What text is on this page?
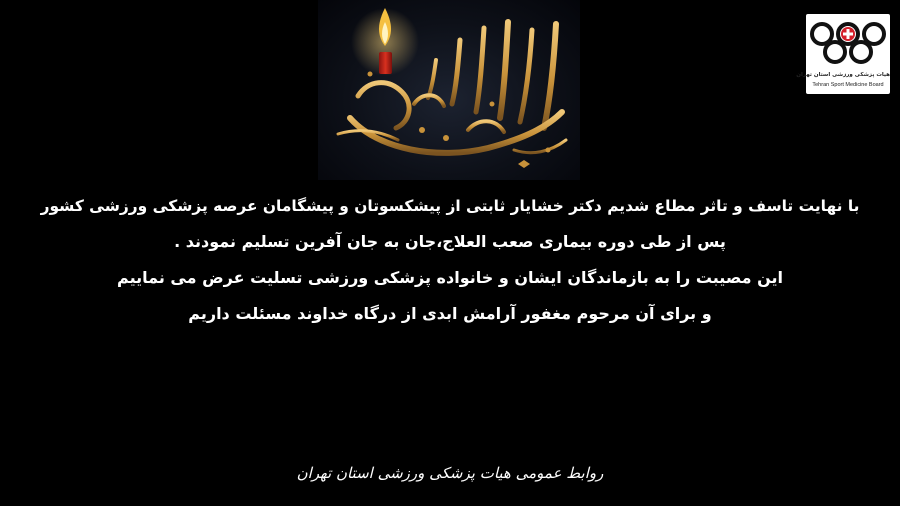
هیات پزشکی ورزشی استان تهران
Tehran Sport Medicine Board
با نهایت تاسف و تاثر مطاع شدیم دکتر خشایار ثابتی از پیشکسوتان و پیشگامان عرصه پزشکی ورزشی کشور
پس از طی دوره بیماری صعب العلاج،جان به جان آفرین تسلیم نمودند .
این مصیبت را به بازماندگان ایشان و خانواده پزشکی ورزشی تسلیت عرض می نماییم
و برای آن مرحوم مغفور آرامش ابدی از درگاه خداوند مسئلت داریم
روابط عمومی هیات پزشکی ورزشی استان تهران
